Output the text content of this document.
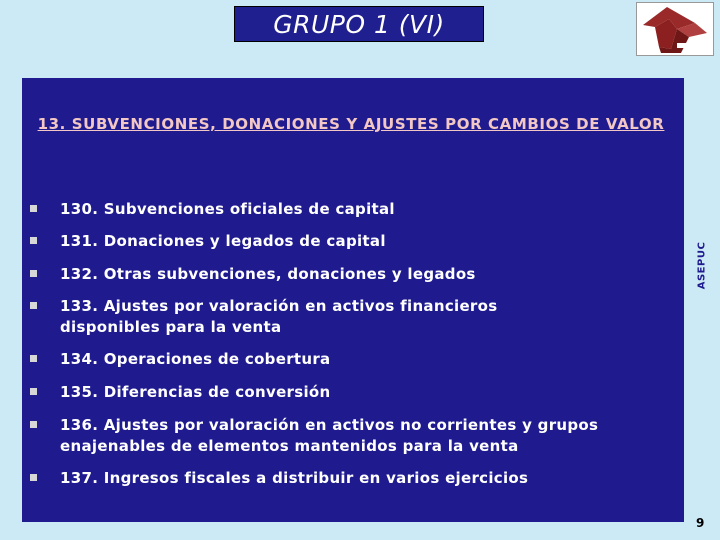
GRUPO 1 (VI)
ASEPUC
13. SUBVENCIONES, DONACIONES Y AJUSTES POR CAMBIOS DE VALOR
130. Subvenciones oficiales de capital
131. Donaciones y legados de capital
132. Otras subvenciones, donaciones y legados
133. Ajustes por valoración en activos financieros disponibles para la venta
134. Operaciones de cobertura
135. Diferencias de conversión
136. Ajustes por valoración en activos no corrientes y grupos enajenables de elementos mantenidos para la venta
137. Ingresos fiscales a distribuir en varios ejercicios
9
